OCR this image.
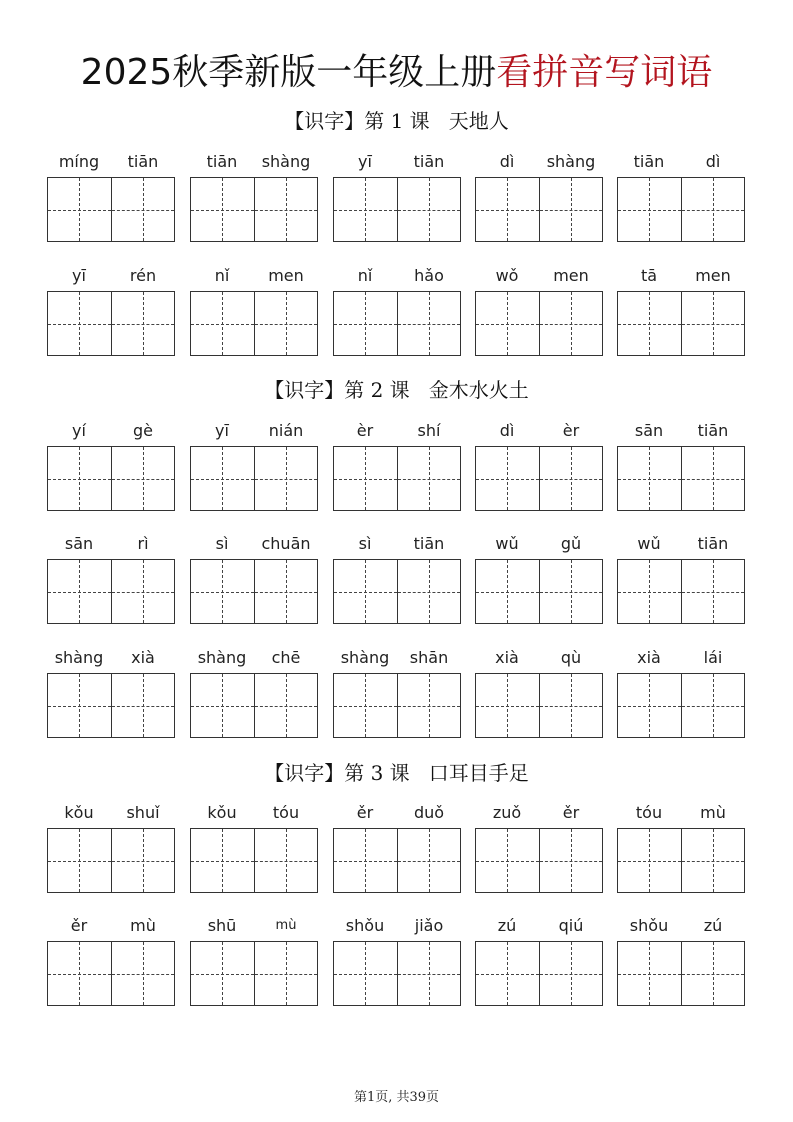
2025秋季新版一年级上册看拼音写词语
【识字】第 1 课   天地人
【识字】第 2 课   金木水火土
【识字】第 3 课   口耳目手足
míng	tiān	tiān	shàng	yī	tiān	dì	shàng	tiān	dì
yī	rén	nǐ	men	nǐ	hǎo	wǒ	men	tā	men
yí	gè	yī	nián	èr	shí	dì	èr	sān	tiān
sān	rì	sì	chuān	sì	tiān	wǔ	gǔ	wǔ	tiān
shàng	xià	shàng	chē	shàng	shān	xià	qù	xià	lái
kǒu	shuǐ	kǒu	tóu	ěr	duǒ	zuǒ	ěr	tóu	mù
ěr	mù	shū	mù	shǒu	jiǎo	zú	qiú	shǒu	zú
第1页, 共39页
